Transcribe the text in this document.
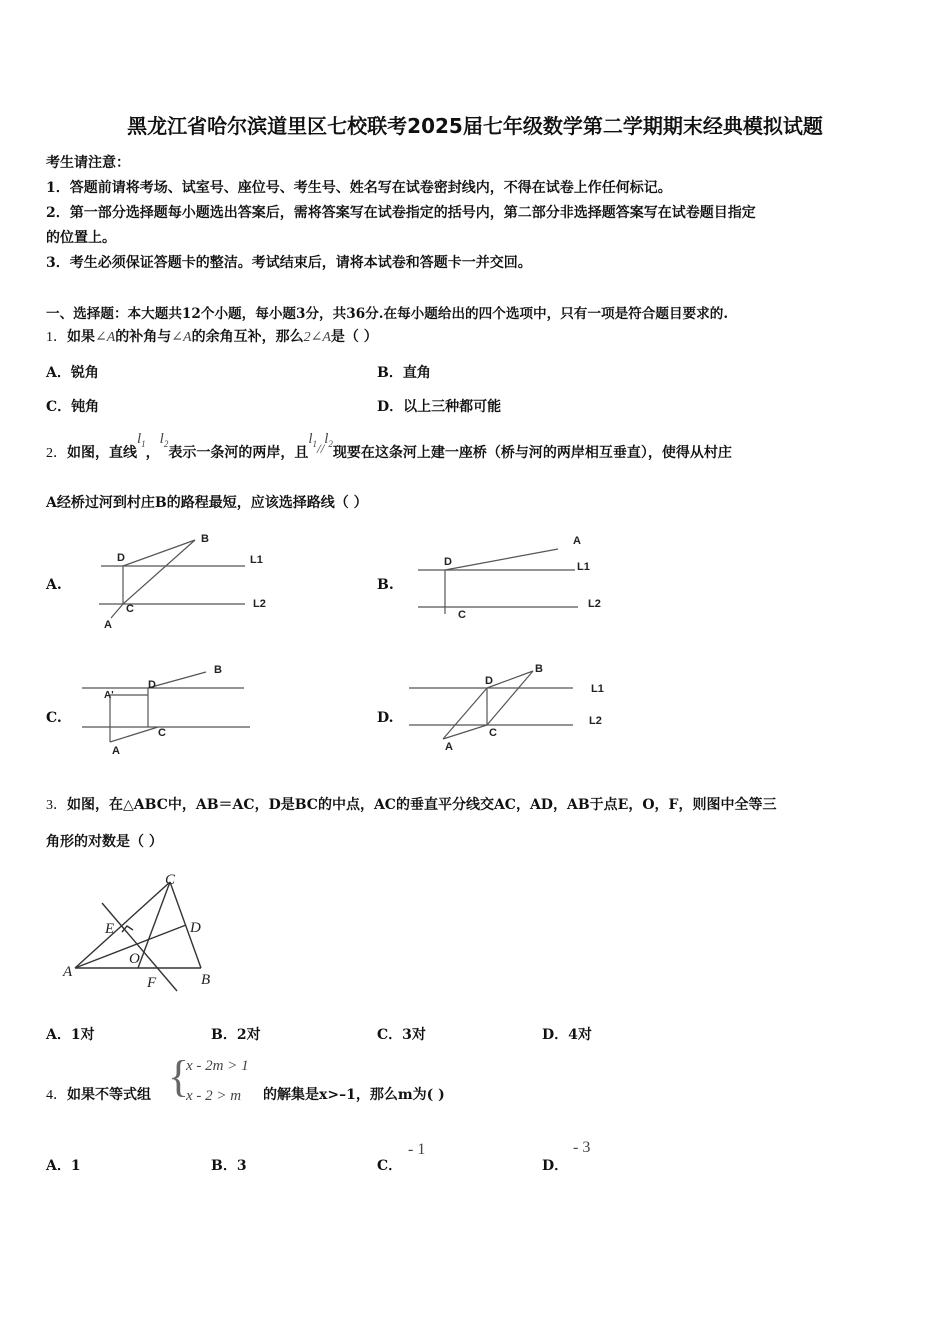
黑龙江省哈尔滨道里区七校联考2025届七年级数学第二学期期末经典模拟试题
考生请注意：
1．答题前请将考场、试室号、座位号、考生号、姓名写在试卷密封线内，不得在试卷上作任何标记。
2．第一部分选择题每小题选出答案后，需将答案写在试卷指定的括号内，第二部分非选择题答案写在试卷题目指定
的位置上。
3．考生必须保证答题卡的整洁。考试结束后，请将本试卷和答题卡一并交回。
一、选择题：本大题共12个小题，每小题3分，共36分.在每小题给出的四个选项中，只有一项是符合题目要求的.
1．如果∠A的补角与∠A的余角互补，那么2∠A是（ ）
A．锐角	B．直角
C．钝角	D．以上三种都可能
2．如图，直线$l_1$，$l_2$表示一条河的两岸，且$l_1//l_2$现要在这条河上建一座桥（桥与河的两岸相互垂直），使得从村庄
A经桥过河到村庄B的路程最短，应该选择路线（ ）
A.	B.
C.	D.
D
B
L1
L2
C
A
D
A
L1
L2
C
A'
D
B
C
A
D
B
L1
L2
C
A
3．如图，在△ABC中，AB＝AC，D是BC的中点，AC的垂直平分线交AC，AD，AB于点E，O，F，则图中全等三
角形的对数是（ ）
C
D
E
O
A	B
F
A．1对	B．2对	C．3对	D．4对
4．如果不等式组 {
x - 2m > 1
x - 2 > m 的解集是x>–1，那么m为( )
A．1	B．3	C．
- 1
D．
- 3
